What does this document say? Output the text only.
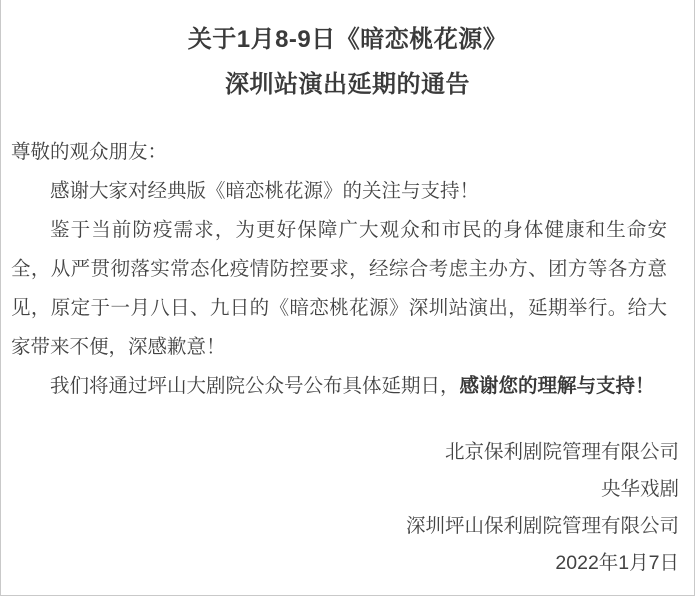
关于1月8-9日《暗恋桃花源》
深圳站演出延期的通告

尊敬的观众朋友：

感谢大家对经典版《暗恋桃花源》的关注与支持！

鉴于当前防疫需求，为更好保障广大观众和市民的身体健康和生命安全，从严贯彻落实常态化疫情防控要求，经综合考虑主办方、团方等各方意见，原定于一月八日、九日的《暗恋桃花源》深圳站演出，延期举行。给大家带来不便，深感歉意！

我们将通过坪山大剧院公众号公布具体延期日，感谢您的理解与支持！

北京保利剧院管理有限公司

央华戏剧

深圳坪山保利剧院管理有限公司

2022年1月7日
